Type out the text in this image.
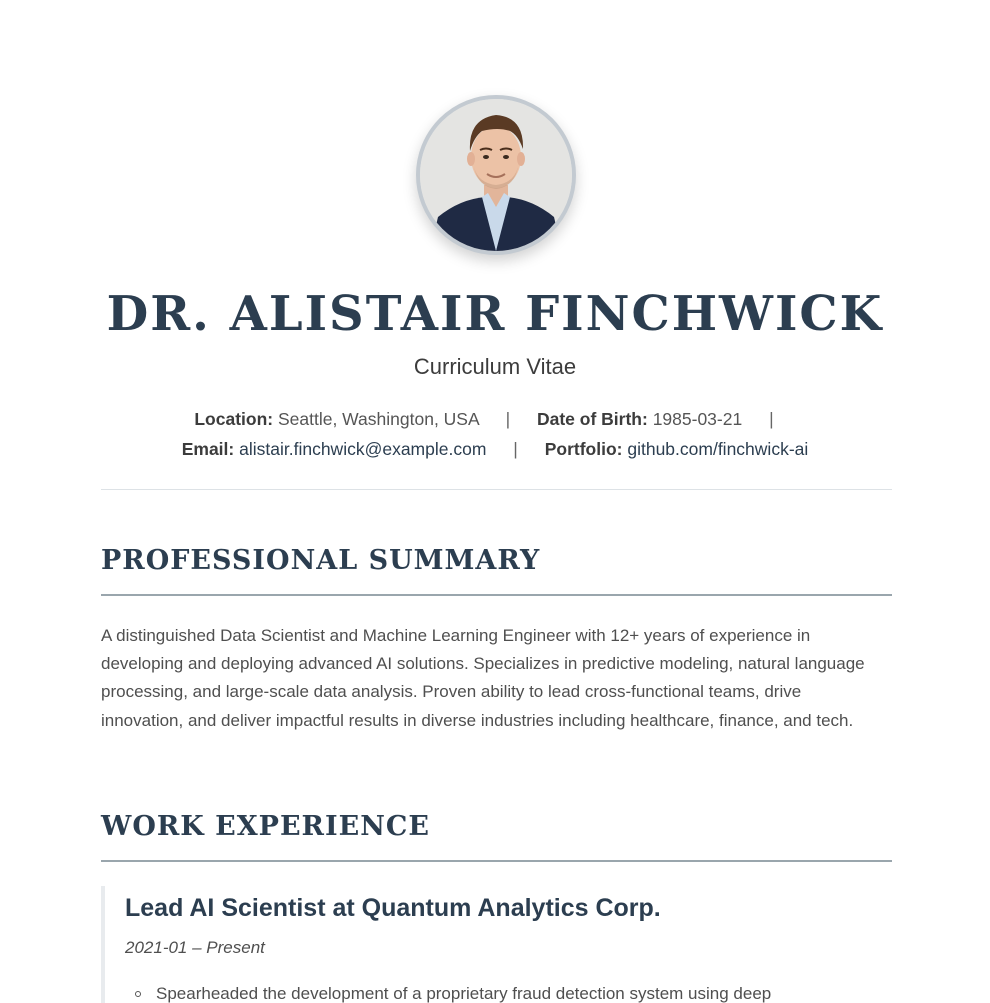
DR. ALISTAIR FINCHWICK
Curriculum Vitae
Location: Seattle, Washington, USA | Date of Birth: 1985-03-21 |
Email: alistair.finchwick@example.com | Portfolio: github.com/finchwick-ai
PROFESSIONAL SUMMARY

A distinguished Data Scientist and Machine Learning Engineer with 12+ years of experience in developing and deploying advanced AI solutions. Specializes in predictive modeling, natural language processing, and large-scale data analysis. Proven ability to lead cross-functional teams, drive innovation, and deliver impactful results in diverse industries including healthcare, finance, and tech.

WORK EXPERIENCE
Lead AI Scientist at Quantum Analytics Corp.
2021-01 – Present
Spearheaded the development of a proprietary fraud detection system using deep
